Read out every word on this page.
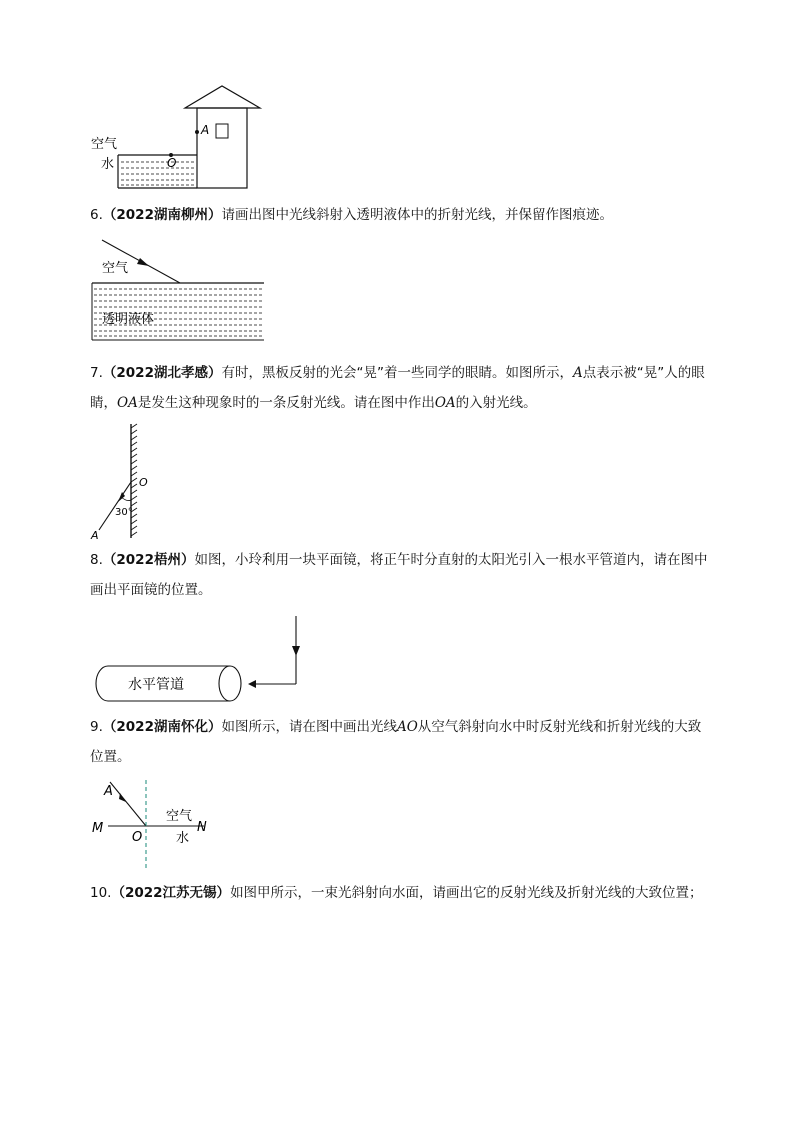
A
O
空气
水
6.（2022湖南柳州）请画出图中光线斜射入透明液体中的折射光线，并保留作图痕迹。
空气
透明液体
7.（2022湖北孝感）有时，黑板反射的光会“晃”着一些同学的眼睛。如图所示，A点表示被“晃”人的眼睛，OA是发生这种现象时的一条反射光线。请在图中作出OA的入射光线。
O
30°
A
8.（2022梧州）如图，小玲利用一块平面镜，将正午时分直射的太阳光引入一根水平管道内，请在图中画出平面镜的位置。
水平管道
9.（2022湖南怀化）如图所示，请在图中画出光线AO从空气斜射向水中时反射光线和折射光线的大致位置。
A
M
O
N
空气
水
10.（2022江苏无锡）如图甲所示，一束光斜射向水面，请画出它的反射光线及折射光线的大致位置；
